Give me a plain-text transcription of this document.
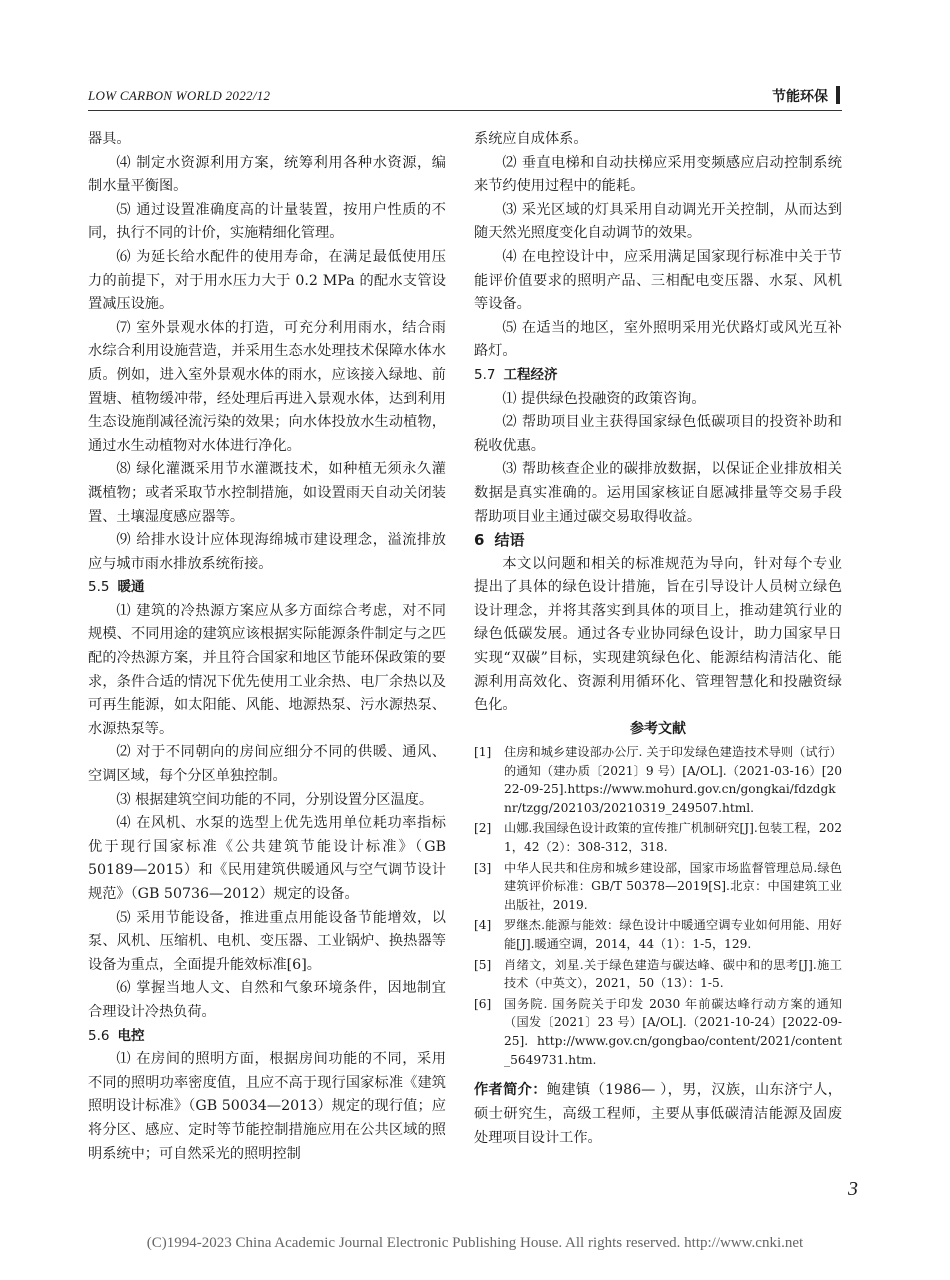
LOW CARBON WORLD 2022/12	节能环保

器具。

⑷ 制定水资源利用方案，统筹利用各种水资源，编制水量平衡图。

⑸ 通过设置准确度高的计量装置，按用户性质的不同，执行不同的计价，实施精细化管理。

⑹ 为延长给水配件的使用寿命，在满足最低使用压力的前提下，对于用水压力大于 0.2 MPa 的配水支管设置减压设施。

⑺ 室外景观水体的打造，可充分利用雨水，结合雨水综合利用设施营造，并采用生态水处理技术保障水体水质。例如，进入室外景观水体的雨水，应该接入绿地、前置塘、植物缓冲带，经处理后再进入景观水体，达到利用生态设施削减径流污染的效果；向水体投放水生动植物，通过水生动植物对水体进行净化。

⑻ 绿化灌溉采用节水灌溉技术，如种植无须永久灌溉植物；或者采取节水控制措施，如设置雨天自动关闭装置、土壤湿度感应器等。

⑼ 给排水设计应体现海绵城市建设理念，溢流排放应与城市雨水排放系统衔接。

5.5 暖通

⑴ 建筑的冷热源方案应从多方面综合考虑，对不同规模、不同用途的建筑应该根据实际能源条件制定与之匹配的冷热源方案，并且符合国家和地区节能环保政策的要求，条件合适的情况下优先使用工业余热、电厂余热以及可再生能源，如太阳能、风能、地源热泵、污水源热泵、水源热泵等。

⑵ 对于不同朝向的房间应细分不同的供暖、通风、空调区域，每个分区单独控制。

⑶ 根据建筑空间功能的不同，分别设置分区温度。

⑷ 在风机、水泵的选型上优先选用单位耗功率指标优于现行国家标准《公共建筑节能设计标准》（GB 50189—2015）和《民用建筑供暖通风与空气调节设计规范》（GB 50736—2012）规定的设备。

⑸ 采用节能设备，推进重点用能设备节能增效，以泵、风机、压缩机、电机、变压器、工业锅炉、换热器等设备为重点，全面提升能效标准[6]。

⑹ 掌握当地人文、自然和气象环境条件，因地制宜合理设计冷热负荷。

5.6 电控

⑴ 在房间的照明方面，根据房间功能的不同，采用不同的照明功率密度值，且应不高于现行国家标准《建筑照明设计标准》（GB 50034—2013）规定的现行值；应将分区、感应、定时等节能控制措施应用在公共区域的照明系统中；可自然采光的照明控制

系统应自成体系。

⑵ 垂直电梯和自动扶梯应采用变频感应启动控制系统来节约使用过程中的能耗。

⑶ 采光区域的灯具采用自动调光开关控制，从而达到随天然光照度变化自动调节的效果。

⑷ 在电控设计中，应采用满足国家现行标准中关于节能评价值要求的照明产品、三相配电变压器、水泵、风机等设备。

⑸ 在适当的地区，室外照明采用光伏路灯或风光互补路灯。

5.7 工程经济

⑴ 提供绿色投融资的政策咨询。

⑵ 帮助项目业主获得国家绿色低碳项目的投资补助和税收优惠。

⑶ 帮助核查企业的碳排放数据，以保证企业排放相关数据是真实准确的。运用国家核证自愿减排量等交易手段帮助项目业主通过碳交易取得收益。

6 结语

本文以问题和相关的标准规范为导向，针对每个专业提出了具体的绿色设计措施，旨在引导设计人员树立绿色设计理念，并将其落实到具体的项目上，推动建筑行业的绿色低碳发展。通过各专业协同绿色设计，助力国家早日实现“双碳”目标，实现建筑绿色化、能源结构清洁化、能源利用高效化、资源利用循环化、管理智慧化和投融资绿色化。

参考文献
[1] 住房和城乡建设部办公厅. 关于印发绿色建造技术导则（试行）的通知（建办质〔2021〕9 号）[A/OL].（2021-03-16）[2022-09-25].https://www.mohurd.gov.cn/gongkai/fdzdgknr/tzgg/202103/20210319_249507.html.
[2] 山娜.我国绿色设计政策的宣传推广机制研究[J].包装工程，2021，42（2）：308-312，318.
[3] 中华人民共和住房和城乡建设部，国家市场监督管理总局.绿色建筑评价标准：GB/T 50378—2019[S].北京：中国建筑工业出版社，2019.
[4] 罗继杰.能源与能效：绿色设计中暖通空调专业如何用能、用好能[J].暖通空调，2014，44（1）：1-5，129.
[5] 肖绪文，刘星.关于绿色建造与碳达峰、碳中和的思考[J].施工技术（中英文），2021，50（13）：1-5.
[6] 国务院. 国务院关于印发 2030 年前碳达峰行动方案的通知（国发〔2021〕23 号）[A/OL].（2021-10-24）[2022-09-25]. http://www.gov.cn/gongbao/content/2021/content_5649731.htm.
作者简介：鲍建镇（1986— ），男，汉族，山东济宁人，硕士研究生，高级工程师，主要从事低碳清洁能源及固废处理项目设计工作。
3
(C)1994-2023 China Academic Journal Electronic Publishing House. All rights reserved. http://www.cnki.net
